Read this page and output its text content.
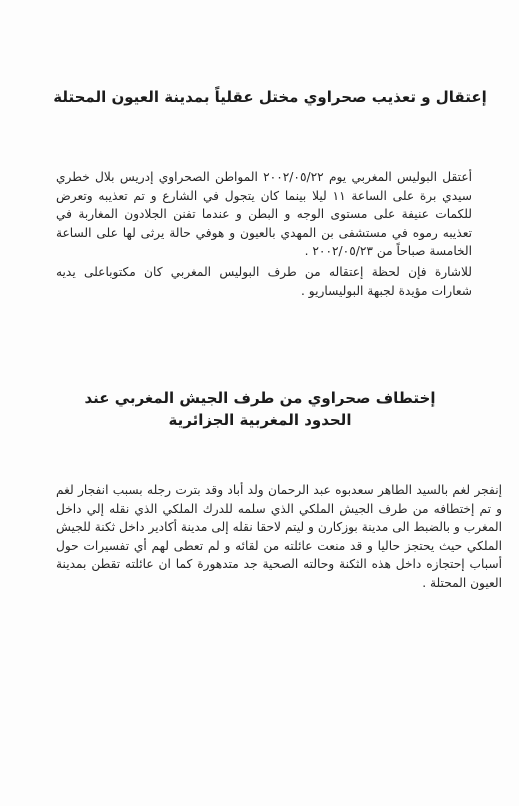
إعتقال و تعذيب صحراوي مختل عقلياً بمدينة العيون المحتلة

أعتقل البوليس المغربي يوم ٢٠٠٢/٠٥/٢٢ المواطن الصحراوي إدريس بلال خطري سيدي برة على الساعة ١١ ليلا بينما كان يتجول في الشارع و تم تعذيبه وتعرض للكمات عنيفة على مستوى الوجه و البطن و عندما تفنن الجلادون المغاربة في تعذيبه رموه في مستشفى بن المهدي بالعيون و هوفي حالة يرثى لها على الساعة الخامسة صباحاً من ٢٠٠٢/٠٥/٢٣ .

للاشارة فإن لحظة إعتقاله من طرف البوليس المغربي كان مكتوباعلى يديه شعارات مؤيدة لجبهة البوليساريو .

إختطاف صحراوي من طرف الجيش المغربي عند
الحدود المغربية الجزائرية

إنفجر لغم بالسيد الطاهر سعدبوه عبد الرحمان ولد أباد وقد بترت رجله بسبب انفجار لغم و تم إختطافه من طرف الجيش الملكي الذي سلمه للدرك الملكي الذي نقله إلي داخل المغرب و بالضبط الى مدينة بوزكارن و ليتم لاحقا نقله إلى مدينة أكادير داخل ثكنة للجيش الملكي حيث يحتجز حاليا و قد منعت عائلته من لقائه و لم تعطى لهم أي تفسيرات حول أسباب إحتجازه داخل هذه الثكنة وحالته الصحية جد متدهورة كما ان عائلته تقطن بمدينة العيون المحتلة .
